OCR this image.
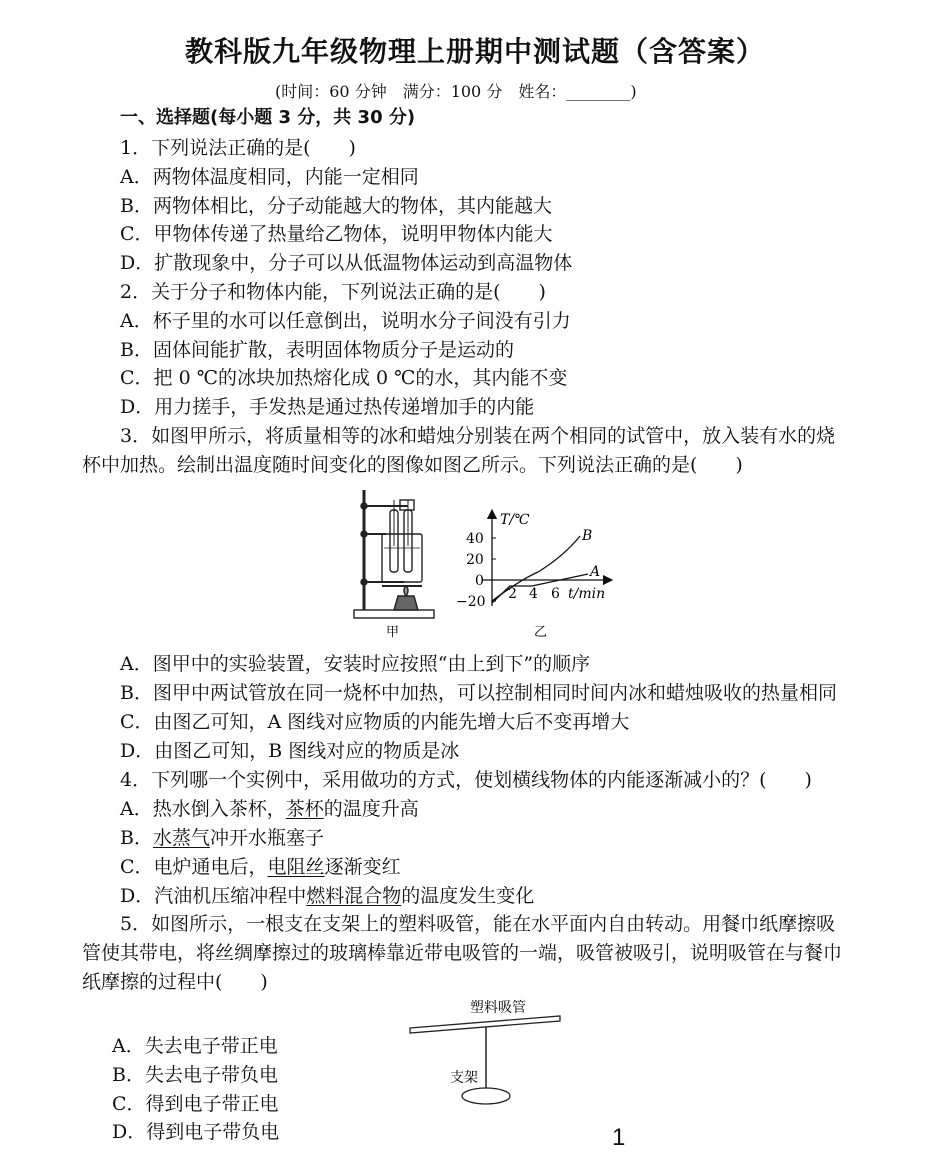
教科版九年级物理上册期中测试题（含答案）
(时间：60 分钟　满分：100 分　姓名：________)
一、选择题(每小题 3 分，共 30 分)
1．下列说法正确的是(　　)
A．两物体温度相同，内能一定相同
B．两物体相比，分子动能越大的物体，其内能越大
C．甲物体传递了热量给乙物体，说明甲物体内能大
D．扩散现象中，分子可以从低温物体运动到高温物体
2．关于分子和物体内能，下列说法正确的是(　　)
A．杯子里的水可以任意倒出，说明水分子间没有引力
B．固体间能扩散，表明固体物质分子是运动的
C．把 0 ℃的冰块加热熔化成 0 ℃的水，其内能不变
D．用力搓手，手发热是通过热传递增加手的内能
3．如图甲所示，将质量相等的冰和蜡烛分别装在两个相同的试管中，放入装有水的烧
杯中加热。绘制出温度随时间变化的图像如图乙所示。下列说法正确的是(　　)
甲
T/℃
40
20
0
−20 2 4 6 t/min
B
A
乙
A．图甲中的实验装置，安装时应按照“由上到下”的顺序
B．图甲中两试管放在同一烧杯中加热，可以控制相同时间内冰和蜡烛吸收的热量相同
C．由图乙可知，A 图线对应物质的内能先增大后不变再增大
D．由图乙可知，B 图线对应的物质是冰
4．下列哪一个实例中，采用做功的方式，使划横线物体的内能逐渐减小的？(　　)
A．热水倒入茶杯，茶杯的温度升高
B．水蒸气冲开水瓶塞子
C．电炉通电后，电阻丝逐渐变红
D．汽油机压缩冲程中燃料混合物的温度发生变化
5．如图所示，一根支在支架上的塑料吸管，能在水平面内自由转动。用餐巾纸摩擦吸
管使其带电，将丝绸摩擦过的玻璃棒靠近带电吸管的一端，吸管被吸引，说明吸管在与餐巾
纸摩擦的过程中(　　)
塑料吸管
支架
A．失去电子带正电
B．失去电子带负电
C．得到电子带正电
D．得到电子带负电	1
